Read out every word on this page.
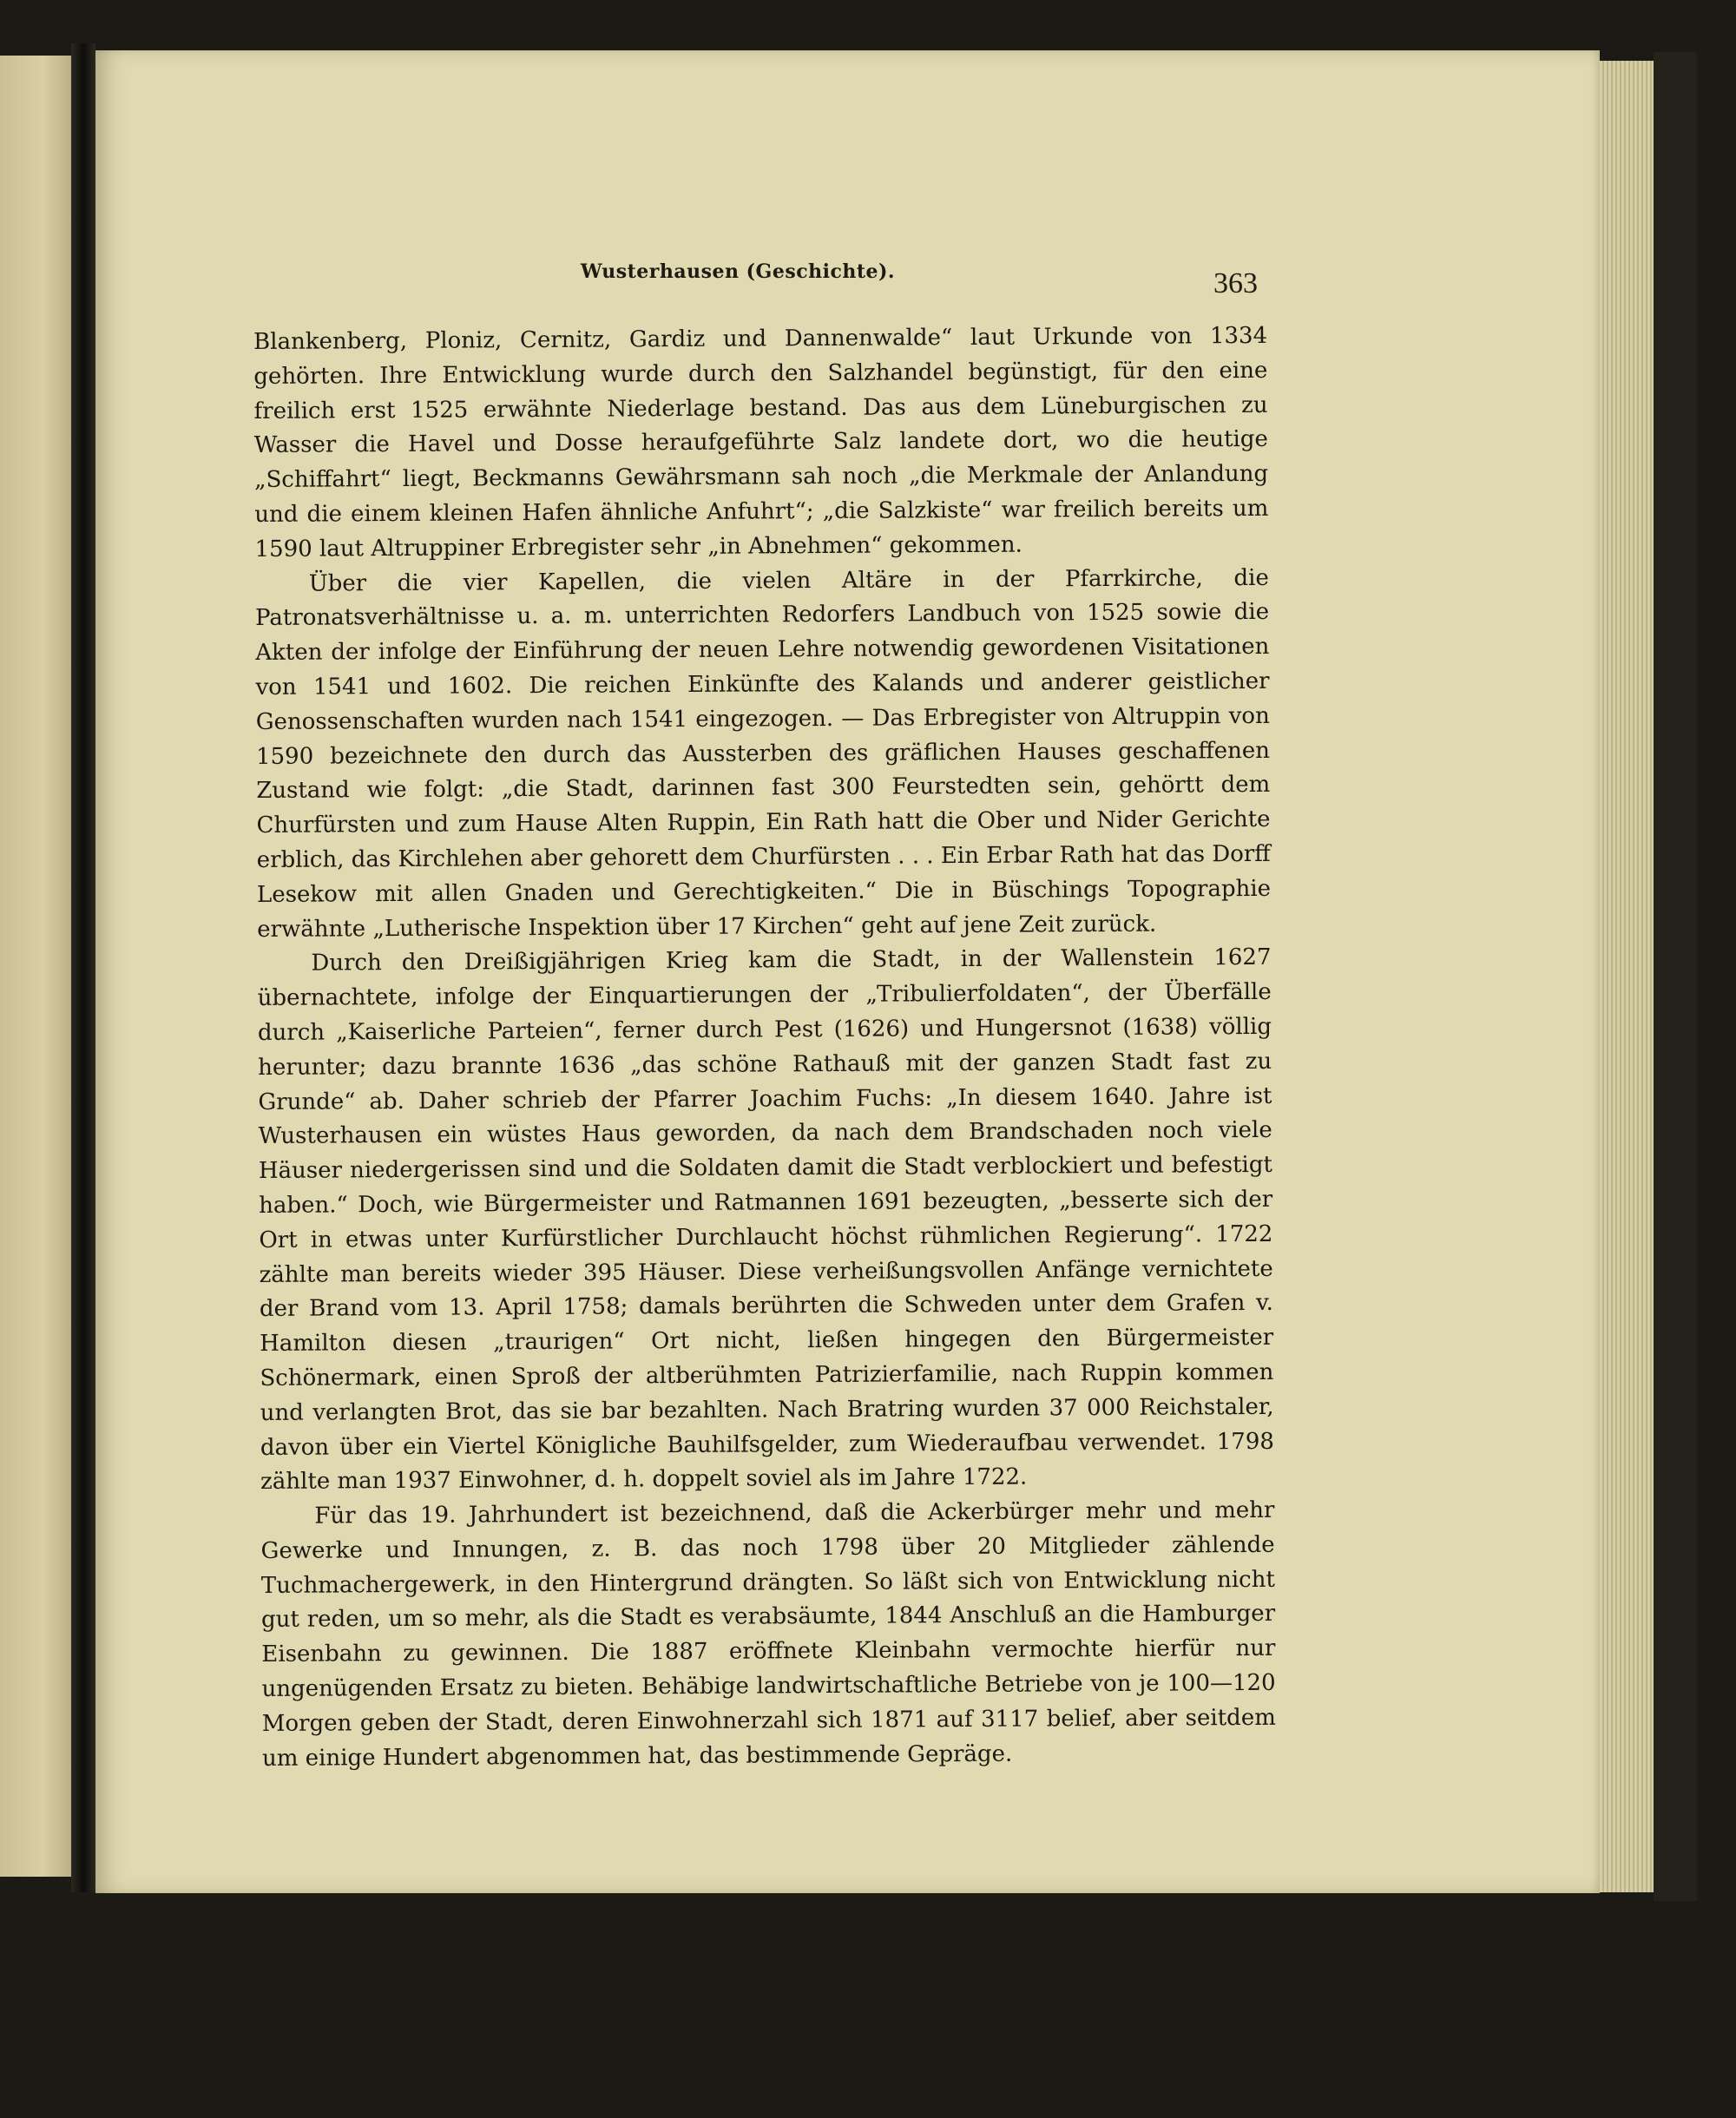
Wusterhausen (Geschichte).	363

Blankenberg, Ploniz, Cernitz, Gardiz und Dannenwalde“ laut Urkunde von 1334 gehörten. Ihre Entwicklung wurde durch den Salzhandel begünstigt, für den eine freilich erst 1525 erwähnte Niederlage bestand. Das aus dem Lüneburgischen zu Wasser die Havel und Dosse heraufgeführte Salz landete dort, wo die heutige „Schiffahrt“ liegt, Beckmanns Gewährsmann sah noch „die Merkmale der Anlandung und die einem kleinen Hafen ähnliche Anfuhrt“; „die Salzkiste“ war freilich bereits um 1590 laut Altruppiner Erbregister sehr „in Abnehmen“ gekommen.

Über die vier Kapellen, die vielen Altäre in der Pfarrkirche, die Patronatsverhältnisse u. a. m. unterrichten Redorfers Landbuch von 1525 sowie die Akten der infolge der Einführung der neuen Lehre notwendig gewordenen Visitationen von 1541 und 1602. Die reichen Einkünfte des Kalands und anderer geistlicher Genossenschaften wurden nach 1541 eingezogen. — Das Erbregister von Altruppin von 1590 bezeichnete den durch das Aussterben des gräflichen Hauses geschaffenen Zustand wie folgt: „die Stadt, darinnen fast 300 Feurstedten sein, gehörtt dem Churfürsten und zum Hause Alten Ruppin, Ein Rath hatt die Ober und Nider Gerichte erblich, das Kirchlehen aber gehorett dem Churfürsten . . . Ein Erbar Rath hat das Dorff Lesekow mit allen Gnaden und Gerechtigkeiten.“ Die in Büschings Topographie erwähnte „Lutherische Inspektion über 17 Kirchen“ geht auf jene Zeit zurück.

Durch den Dreißigjährigen Krieg kam die Stadt, in der Wallenstein 1627 übernachtete, infolge der Einquartierungen der „Tribulierfoldaten“, der Überfälle durch „Kaiserliche Parteien“, ferner durch Pest (1626) und Hungersnot (1638) völlig herunter; dazu brannte 1636 „das schöne Rathauß mit der ganzen Stadt fast zu Grunde“ ab. Daher schrieb der Pfarrer Joachim Fuchs: „In diesem 1640. Jahre ist Wusterhausen ein wüstes Haus geworden, da nach dem Brandschaden noch viele Häuser niedergerissen sind und die Soldaten damit die Stadt verblockiert und befestigt haben.“ Doch, wie Bürgermeister und Ratmannen 1691 bezeugten, „besserte sich der Ort in etwas unter Kurfürstlicher Durchlaucht höchst rühmlichen Regierung“. 1722 zählte man bereits wieder 395 Häuser. Diese verheißungsvollen Anfänge vernichtete der Brand vom 13. April 1758; damals berührten die Schweden unter dem Grafen v. Hamilton diesen „traurigen“ Ort nicht, ließen hingegen den Bürgermeister Schönermark, einen Sproß der altberühmten Patrizierfamilie, nach Ruppin kommen und verlangten Brot, das sie bar bezahlten. Nach Bratring wurden 37 000 Reichstaler, davon über ein Viertel Königliche Bauhilfsgelder, zum Wiederaufbau verwendet. 1798 zählte man 1937 Einwohner, d. h. doppelt soviel als im Jahre 1722.

Für das 19. Jahrhundert ist bezeichnend, daß die Ackerbürger mehr und mehr Gewerke und Innungen, z. B. das noch 1798 über 20 Mitglieder zählende Tuchmachergewerk, in den Hintergrund drängten. So läßt sich von Entwicklung nicht gut reden, um so mehr, als die Stadt es verabsäumte, 1844 Anschluß an die Hamburger Eisenbahn zu gewinnen. Die 1887 eröffnete Kleinbahn vermochte hierfür nur ungenügenden Ersatz zu bieten. Behäbige landwirtschaftliche Betriebe von je 100—120 Morgen geben der Stadt, deren Einwohnerzahl sich 1871 auf 3117 belief, aber seitdem um einige Hundert abgenommen hat, das bestimmende Gepräge.
